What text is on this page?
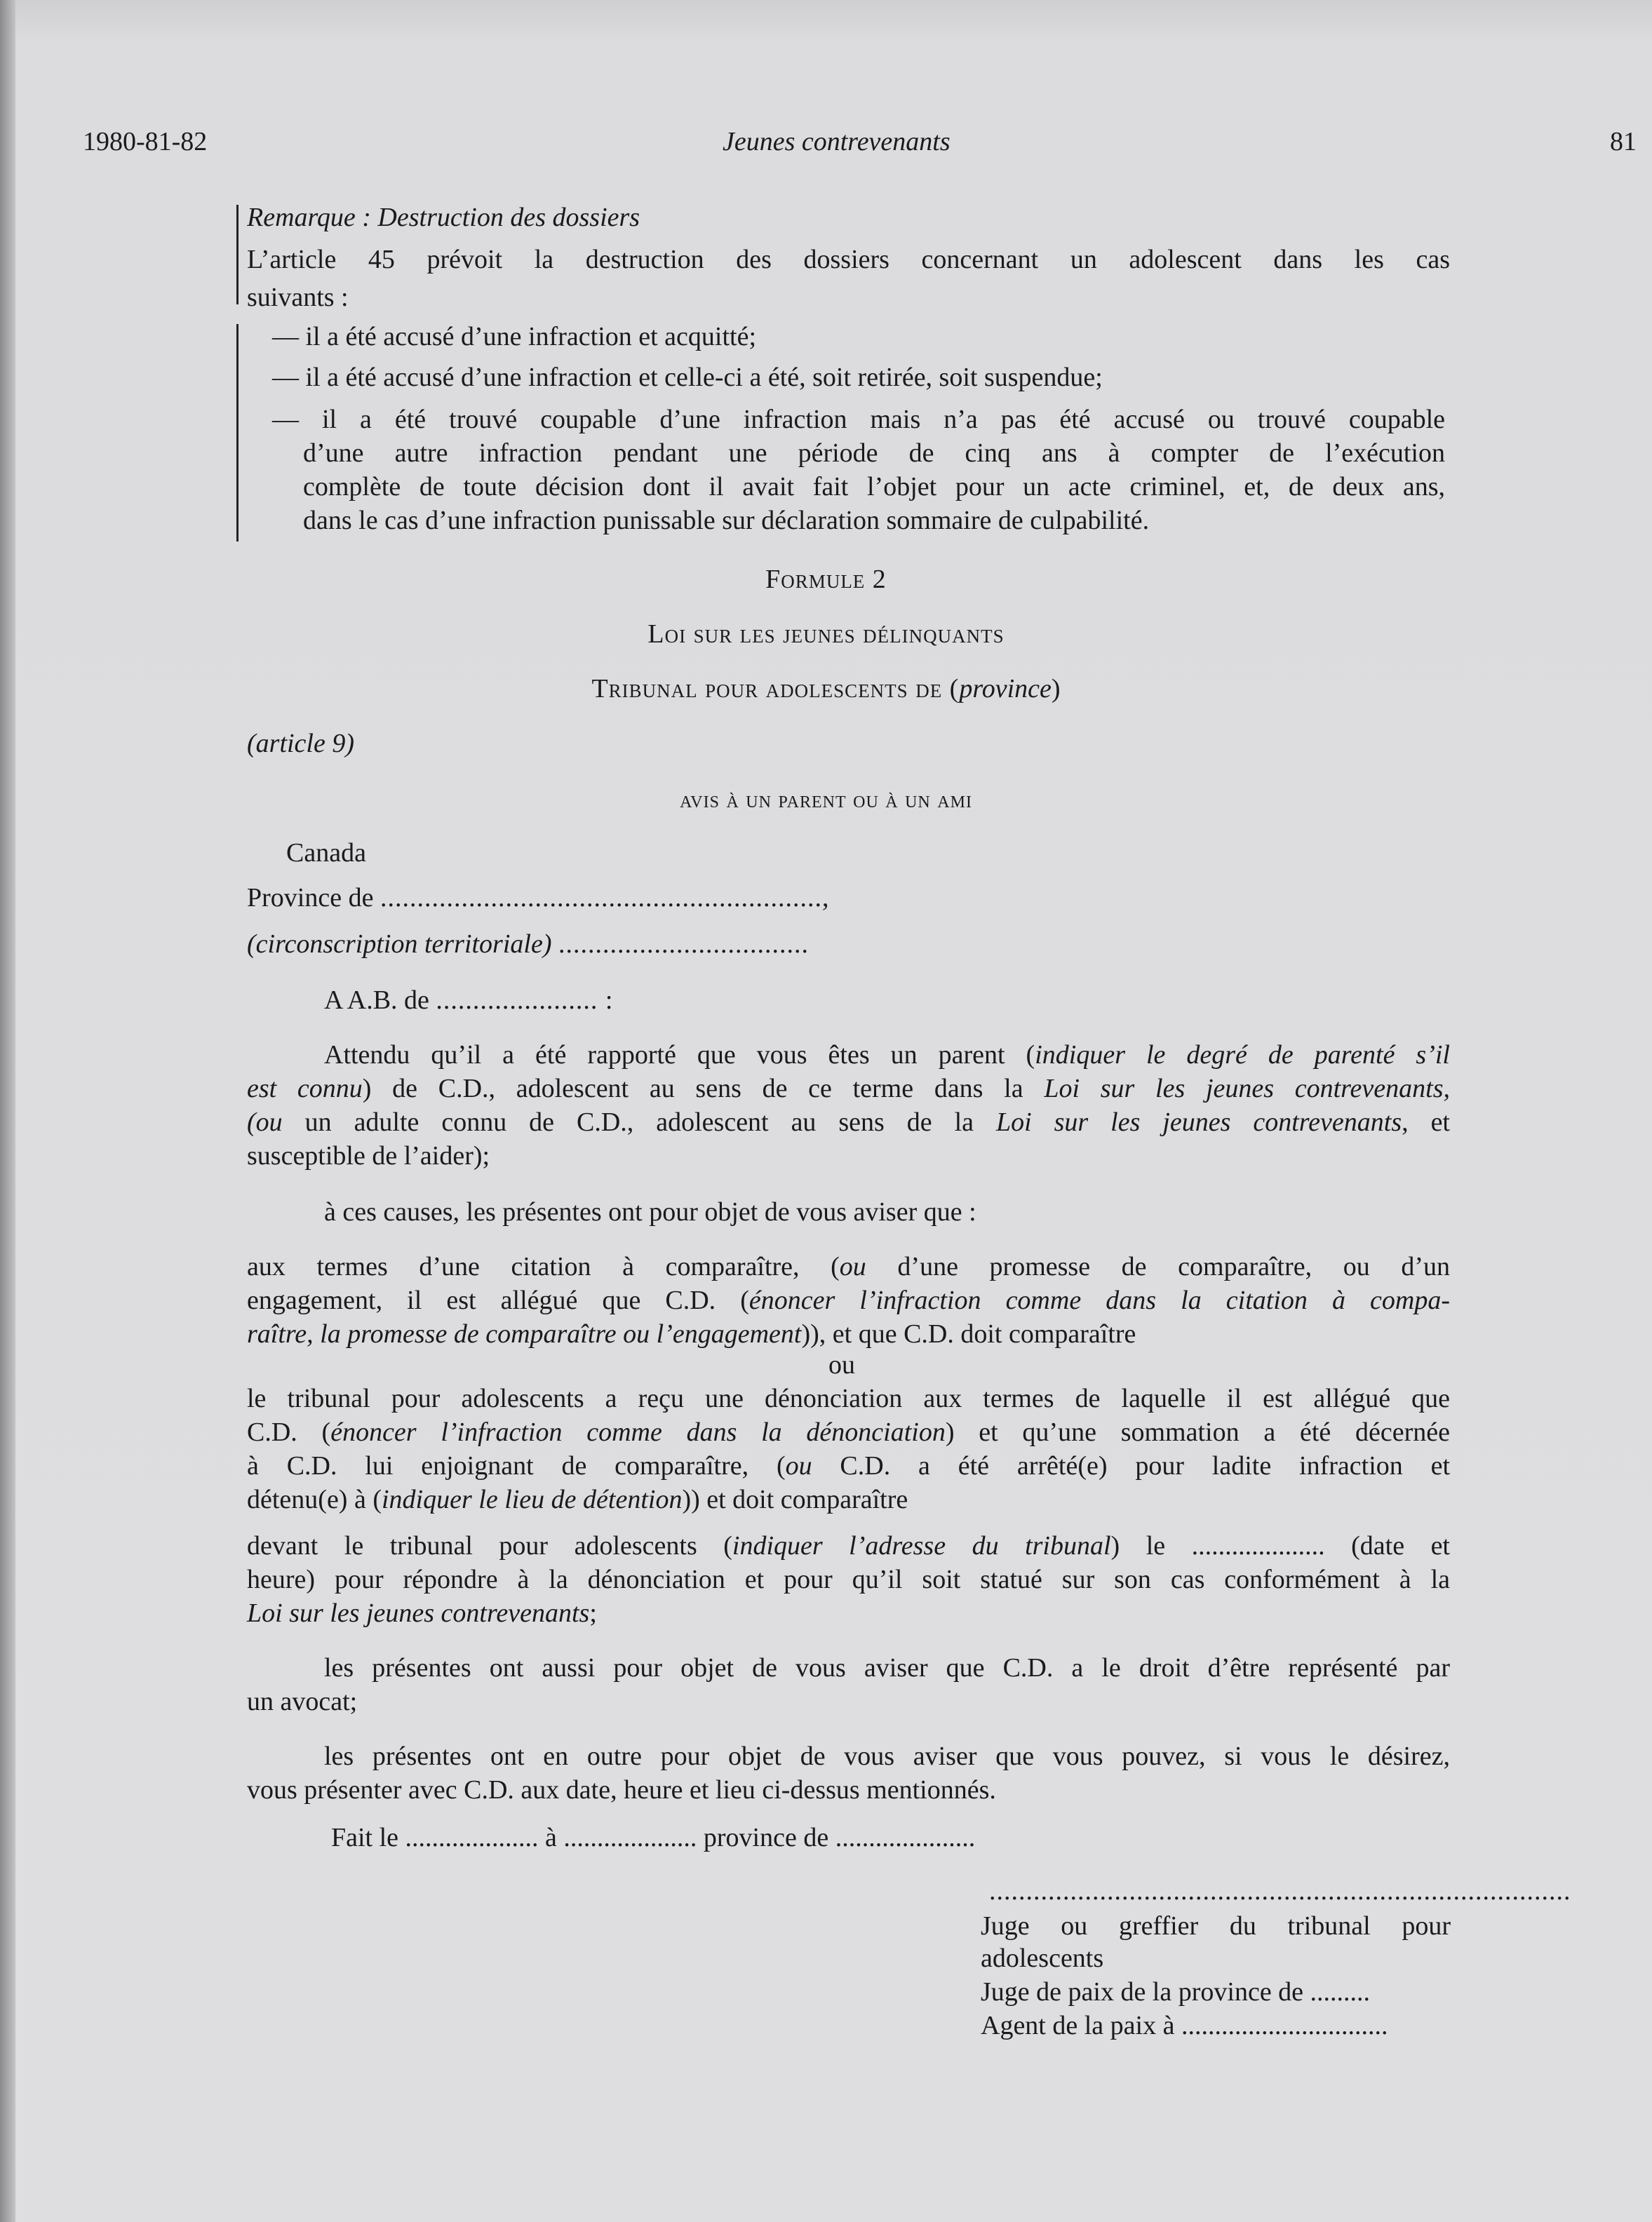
1980-81-82	Jeunes contrevenants	81
Remarque : Destruction des dossiers
L’article 45 prévoit la destruction des dossiers concernant un adolescent dans les cas
suivants :
— il a été accusé d’une infraction et acquitté;
— il a été accusé d’une infraction et celle-ci a été, soit retirée, soit suspendue;
— il a été trouvé coupable d’une infraction mais n’a pas été accusé ou trouvé coupable
d’une autre infraction pendant une période de cinq ans à compter de l’exécution
complète de toute décision dont il avait fait l’objet pour un acte criminel, et, de deux ans,
dans le cas d’une infraction punissable sur déclaration sommaire de culpabilité.
Formule 2
Loi sur les jeunes délinquants
Tribunal pour adolescents de (province)
(article 9)
avis à un parent ou à un ami
Canada
Province de ............................................................,
(circonscription territoriale) ..................................
A A.B. de ...................... :
Attendu qu’il a été rapporté que vous êtes un parent (indiquer le degré de parenté s’il
est connu) de C.D., adolescent au sens de ce terme dans la Loi sur les jeunes contrevenants,
(ou un adulte connu de C.D., adolescent au sens de la Loi sur les jeunes contrevenants, et
susceptible de l’aider);
à ces causes, les présentes ont pour objet de vous aviser que :
aux termes d’une citation à comparaître, (ou d’une promesse de comparaître, ou d’un
engagement, il est allégué que C.D. (énoncer l’infraction comme dans la citation à compa-
raître, la promesse de comparaître ou l’engagement)), et que C.D. doit comparaître
ou
le tribunal pour adolescents a reçu une dénonciation aux termes de laquelle il est allégué que
C.D. (énoncer l’infraction comme dans la dénonciation) et qu’une sommation a été décernée
à C.D. lui enjoignant de comparaître, (ou C.D. a été arrêté(e) pour ladite infraction et
détenu(e) à (indiquer le lieu de détention)) et doit comparaître
devant le tribunal pour adolescents (indiquer l’adresse du tribunal) le .................... (date et
heure) pour répondre à la dénonciation et pour qu’il soit statué sur son cas conformément à la
Loi sur les jeunes contrevenants;
les présentes ont aussi pour objet de vous aviser que C.D. a le droit d’être représenté par
un avocat;
les présentes ont en outre pour objet de vous aviser que vous pouvez, si vous le désirez,
vous présenter avec C.D. aux date, heure et lieu ci-dessus mentionnés.
Fait le .................... à .................... province de .....................
...............................................................................
Juge ou greffier du tribunal pour
adolescents
Juge de paix de la province de .........
Agent de la paix à ...............................
